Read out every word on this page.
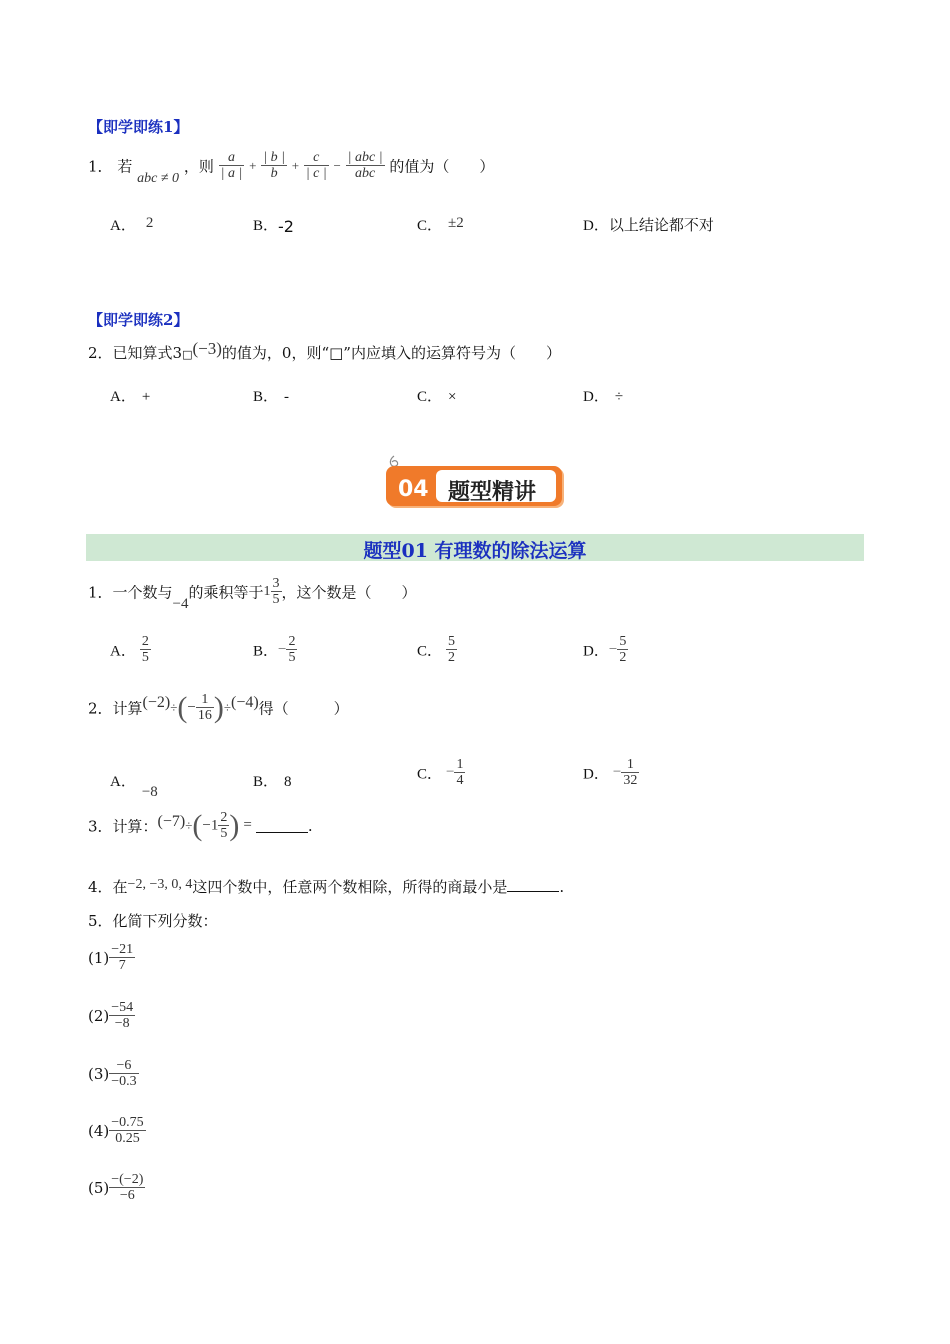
【即学即练1】
1． 若 abc ≠ 0 ，则 $\frac{a}{| a |} + \frac{| b |}{b} + \frac{c}{| c |} - \frac{\text{| abc |}}{\text{abc}}$ 的值为（　　）
A． 2	B．-2	C． ±2	D．以上结论都不对
【即学即练2】
2．已知算式3□(−3)的值为，0，则“□”内应填入的运算符号为（　　）
A． +	B． -	C． ×	D． ÷
04 题型精讲
题型01 有理数的除法运算
1．一个数与−4的乘积等于$1 \frac{3}{5}$ ，这个数是（　　）
A． $\frac{2}{5}$	B．− $\frac{2}{5}$	C． $\frac{5}{2}$	D．− $\frac{5}{2}$
2．计算$(-2)\div(- \frac{1}{16} )\div(-4)$得（　　　）
A．−8
B． 8	C． − $\frac{1}{4}$	D． − $\frac{1}{32}$
3．计算：$(-7)\div(-1 \frac{2}{5}$ ) =	.
4．在−2, −3, 0, 4这四个数中，任意两个数相除，所得的商最小是	.
5．化简下列分数：
$(1) \frac{-21}{7}$
$(2) \frac{-54}{-8}$
$(3) \frac{-6}{-0.3}$
$(4) \frac{-0.75}{0.25}$
$(5) \frac{-(-2)}{-6}$
